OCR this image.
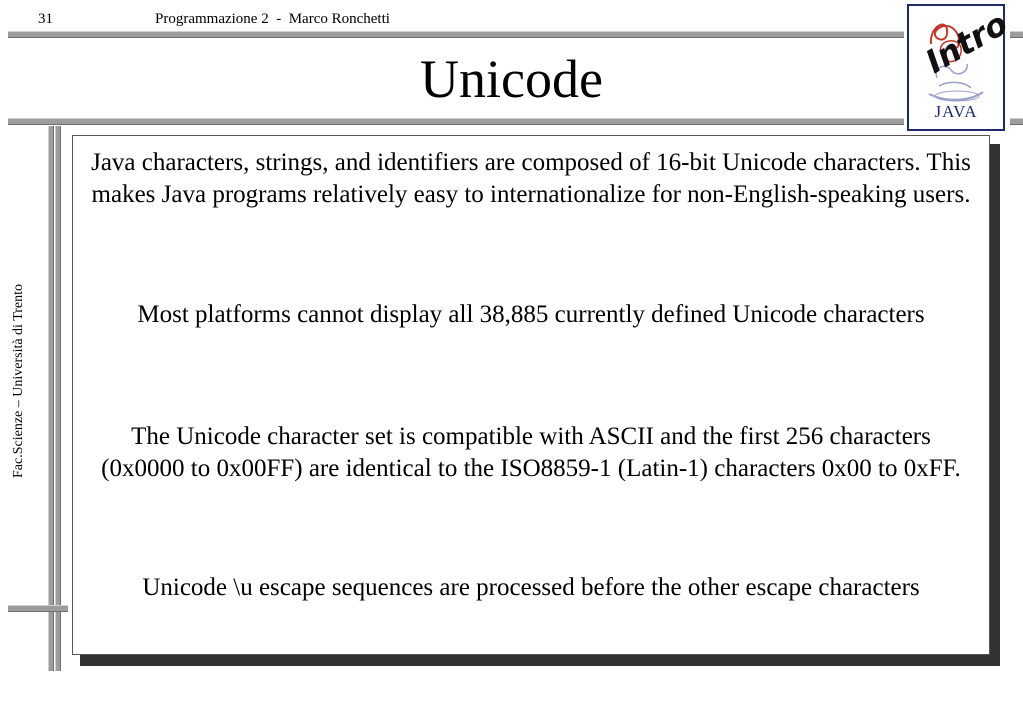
31	Programmazione 2  -  Marco Ronchetti
Fac.Scienze – Università di Trento
Unicode	Intro
JAVA
Java characters, strings, and identifiers are composed of 16-bit Unicode characters. This makes Java programs relatively easy to internationalize for non-English-speaking users.
Most platforms cannot display all 38,885 currently defined Unicode characters
The Unicode character set is compatible with ASCII and the first 256 characters (0x0000 to 0x00FF) are identical to the ISO8859-1 (Latin-1) characters 0x00 to 0xFF.
Unicode \u escape sequences are processed before the other escape characters
